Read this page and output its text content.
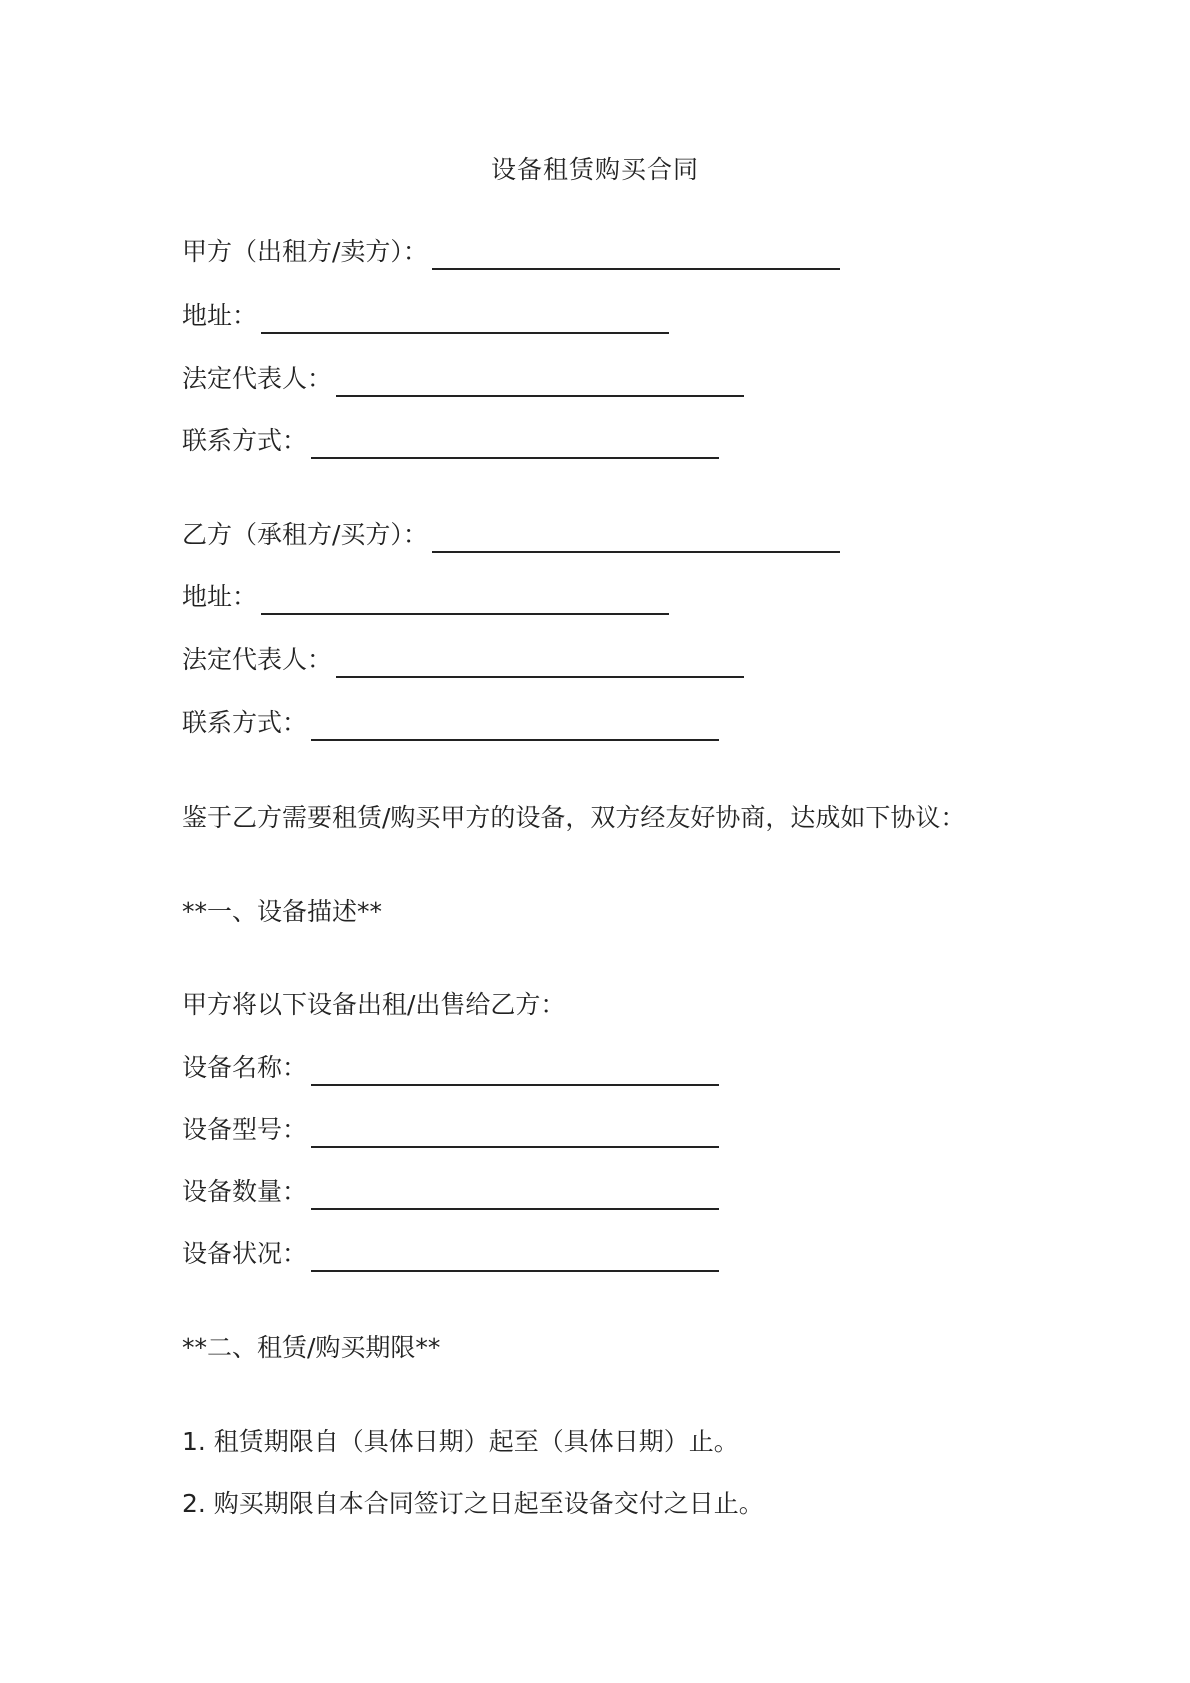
设备租赁购买合同
甲方（出租方/卖方）：
地址：
法定代表人：
联系方式：
乙方（承租方/买方）：
地址：
法定代表人：
联系方式：
鉴于乙方需要租赁/购买甲方的设备，双方经友好协商，达成如下协议：
**一、设备描述**
甲方将以下设备出租/出售给乙方：
设备名称：
设备型号：
设备数量：
设备状况：
**二、租赁/购买期限**
1. 租赁期限自（具体日期）起至（具体日期）止。
2. 购买期限自本合同签订之日起至设备交付之日止。
